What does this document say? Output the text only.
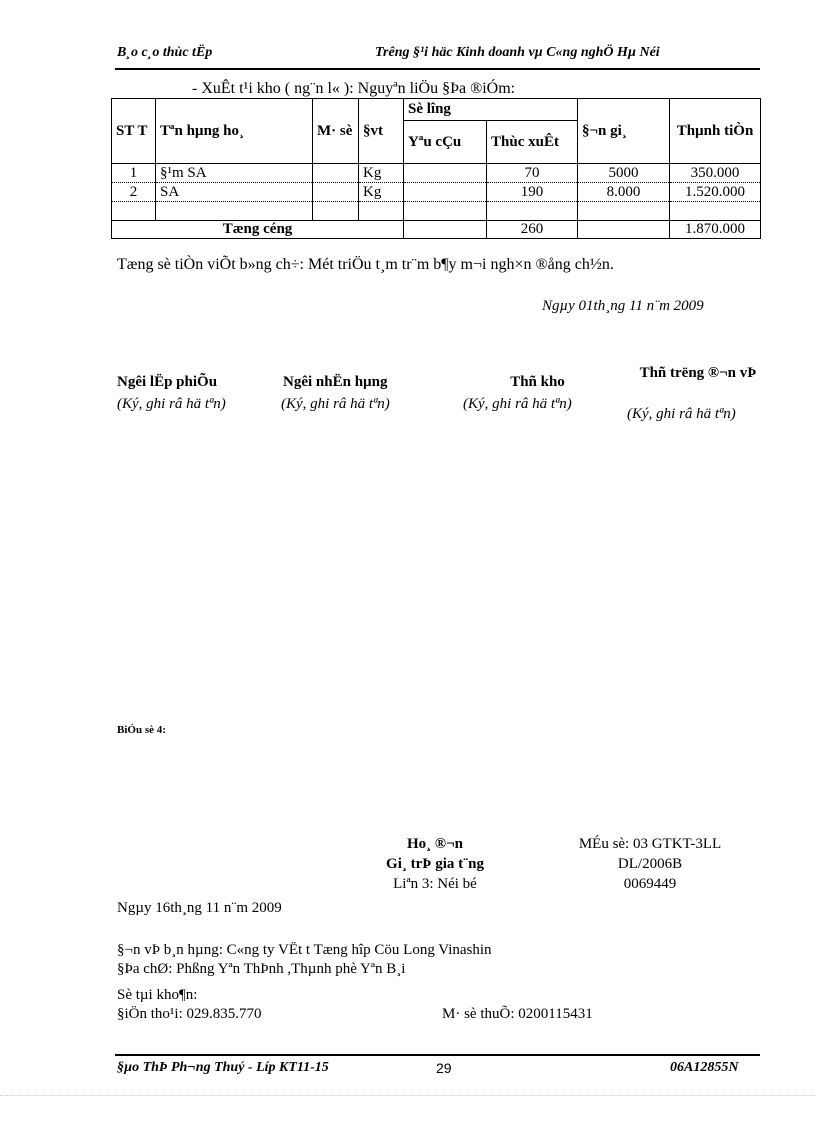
B¸o c¸o thùc tËp	Trêng §¹i häc Kinh doanh vµ C«ng nghÖ Hµ Néi
- XuÊt t¹i kho ( ng¨n l« ): Nguyªn liÖu §Þa ®iÓm:
ST T	Tªn hµng ho¸	M· sè	§vt	Sè lîng		§¬n gi¸	Thµnh tiÒn
				Yªu cÇu	Thùc xuÊt		
1	§¹m SA		Kg		70	5000	350.000
2	SA		Kg		190	8.000	1.520.000

Tæng céng					260		1.870.000
Tæng sè tiÒn viÕt b»ng ch÷: Mét triÖu t¸m tr¨m b¶y m¬i ngh×n ®ång ch½n.
Ngµy 01th¸ng 11 n¨m 2009
Ngêi lËp phiÕu
(Ký, ghi râ hä tªn)
Ngêi nhËn hµng
(Ký, ghi râ hä tªn)
Thñ kho
(Ký, ghi râ hä tªn)
Thñ trëng ®¬n vÞ
(Ký, ghi râ hä tªn)
BiÓu sè 4:
Ho¸ ®¬n
Gi¸ trÞ gia t¨ng
Liªn 3: Néi bé
MÉu sè: 03 GTKT-3LL
DL/2006B
0069449
Ngµy 16th¸ng 11 n¨m 2009
§¬n vÞ b¸n hµng: C«ng ty VËt t Tæng hîp Cöu Long Vinashin
§Þa chØ: Phßng Yªn ThÞnh ,Thµnh phè Yªn B¸i
Sè tµi kho¶n:
§iÖn tho¹i: 029.835.770	M· sè thuÕ: 0200115431
§µo ThÞ Ph¬ng Thuý - Líp KT11-15	29	06A12855N
